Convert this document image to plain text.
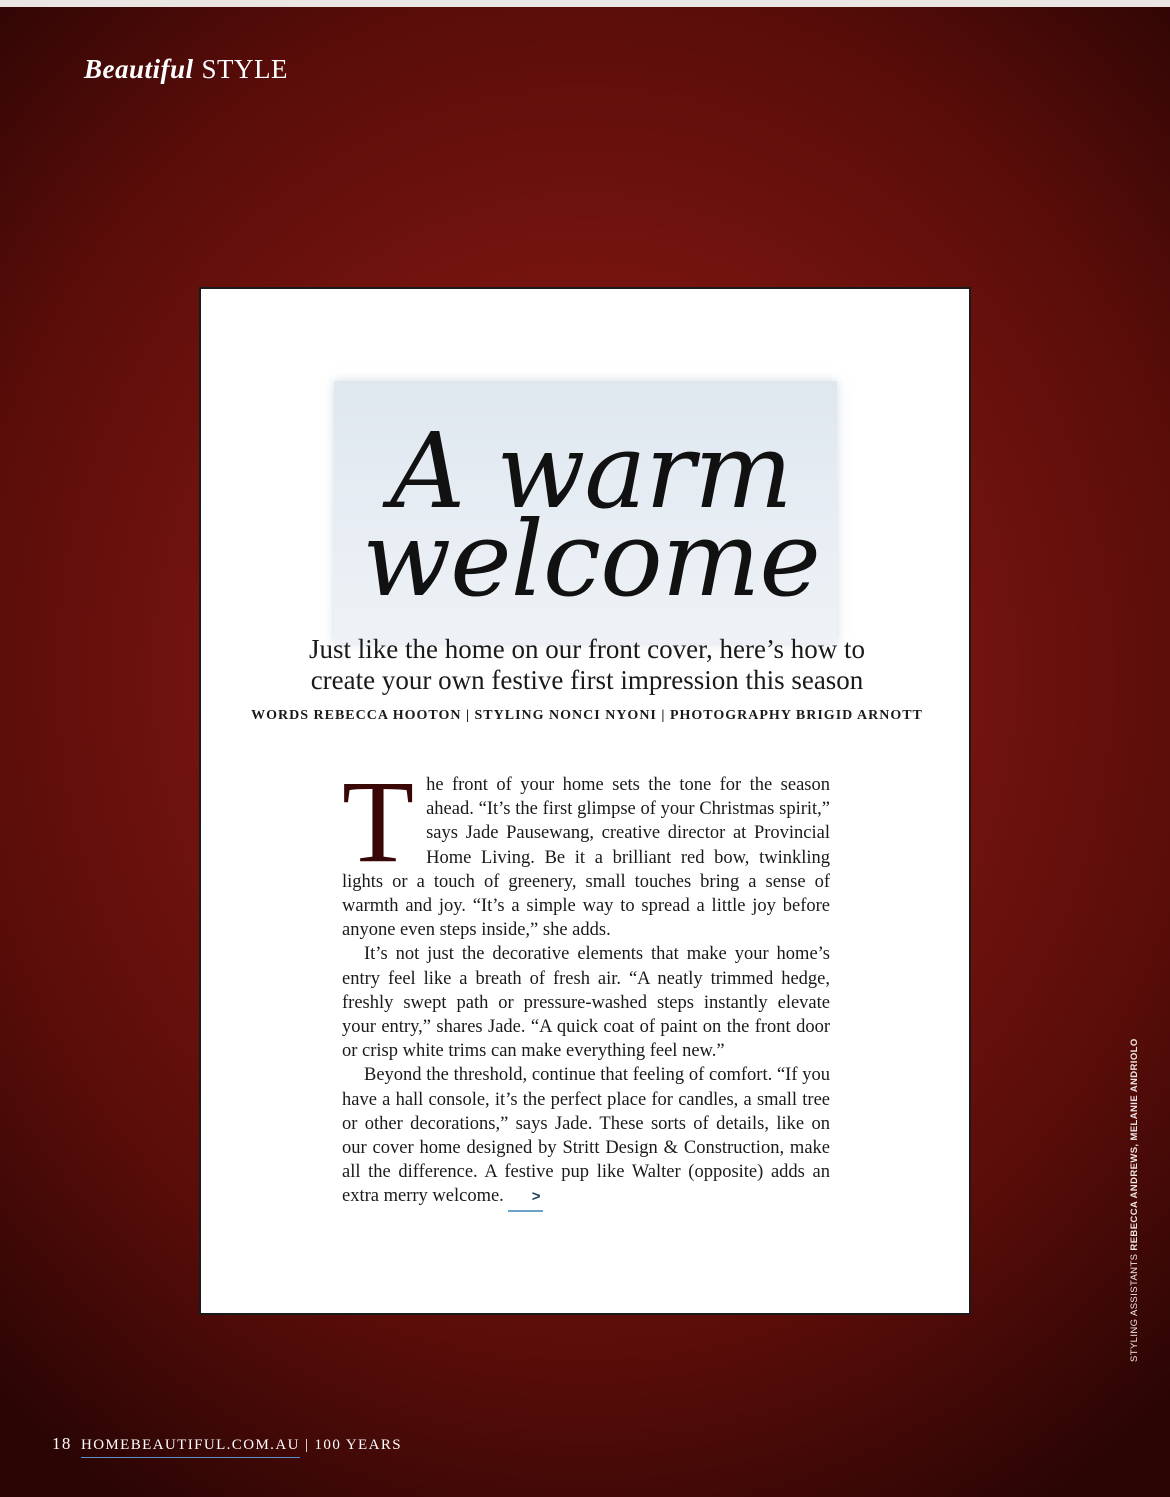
Beautiful STYLE
A warm
welcome
Just like the home on our front cover, here’s how to
create your own festive first impression this season
WORDS REBECCA HOOTON | STYLING NONCI NYONI | PHOTOGRAPHY BRIGID ARNOTT

The front of your home sets the tone for the season ahead. “It’s the first glimpse of your Christmas spirit,” says Jade Pausewang, creative director at Provincial Home Living. Be it a brilliant red bow, twinkling lights or a touch of greenery, small touches bring a sense of warmth and joy. “It’s a simple way to spread a little joy before anyone even steps inside,” she adds.

It’s not just the decorative elements that make your home’s entry feel like a breath of fresh air. “A neatly trimmed hedge, freshly swept path or pressure-washed steps instantly elevate your entry,” shares Jade. “A quick coat of paint on the front door or crisp white trims can make everything feel new.”

Beyond the threshold, continue that feeling of comfort. “If you have a hall console, it’s the perfect place for candles, a small tree or other decorations,” says Jade. These sorts of details, like on our cover home designed by Stritt Design & Construction, make all the difference. A festive pup like Walter (opposite) adds an extra merry welcome. >

STYLING ASSISTANTS REBECCA ANDREWS, MELANIE ANDRIOLO
18 HOMEBEAUTIFUL.COM.AU | 100 YEARS
